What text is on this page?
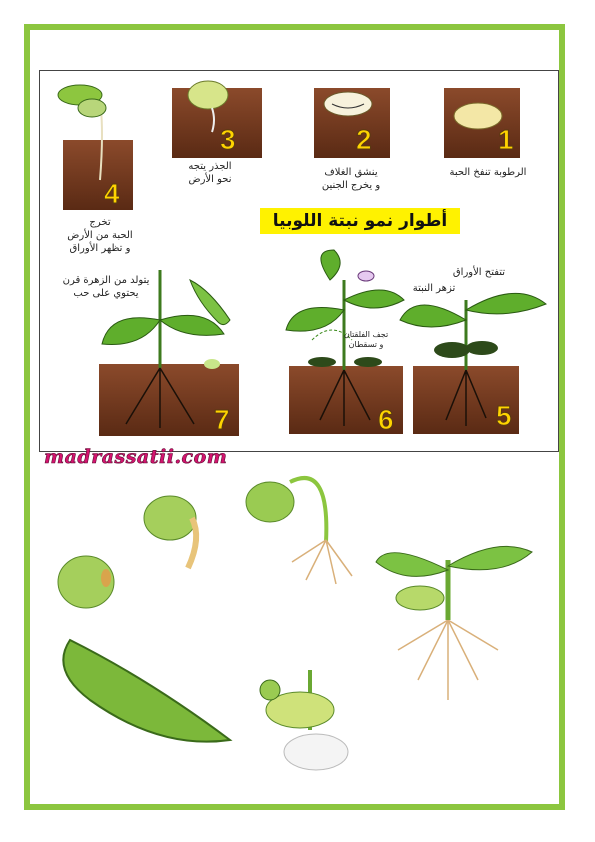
1
2
3
4
5
6
7
الرطوبة تنفخ الحبة
ينشق الغلاف
و يخرج الجنين
الجذر يتجه
نحو الأرض
تخرج
الحبة من الأرض
و تظهر الأوراق
تتفتح الأوراق
تزهر النبتة
تجف الفلقتان
و تسقطان
يتولد من الزهرة قرن
يحتوي على حب
أطوار نمو نبتة اللوبيا
madrassatii.com
